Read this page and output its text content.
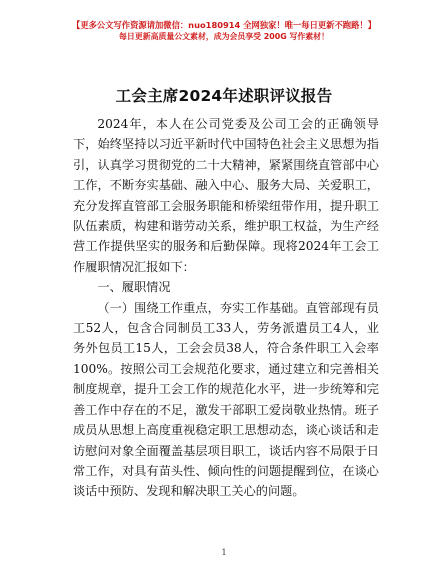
【更多公文写作资源请加微信：nuo180914 全网独家！唯一每日更新不跑路！】
每日更新高质量公文素材，成为会员享受 200G 写作素材！
工会主席2024年述职评议报告

2024年，本人在公司党委及公司工会的正确领导下，始终坚持以习近平新时代中国特色社会主义思想为指引，认真学习贯彻党的二十大精神，紧紧围绕直管部中心工作，不断夯实基础、融入中心、服务大局、关爱职工，充分发挥直管部工会服务职能和桥梁纽带作用，提升职工队伍素质，构建和谐劳动关系，维护职工权益，为生产经营工作提供坚实的服务和后勤保障。现将2024年工会工作履职情况汇报如下：

一、履职情况

（一）围绕工作重点，夯实工作基础。直管部现有员工52人，包含合同制员工33人，劳务派遣员工4人，业务外包员工15人，工会会员38人，符合条件职工入会率100%。按照公司工会规范化要求，通过建立和完善相关制度规章，提升工会工作的规范化水平，进一步统筹和完善工作中存在的不足，激发干部职工爱岗敬业热情。班子成员从思想上高度重视稳定职工思想动态，谈心谈话和走访慰问对象全面覆盖基层项目职工，谈话内容不局限于日常工作，对具有苗头性、倾向性的问题提醒到位，在谈心谈话中预防、发现和解决职工关心的问题。

1
